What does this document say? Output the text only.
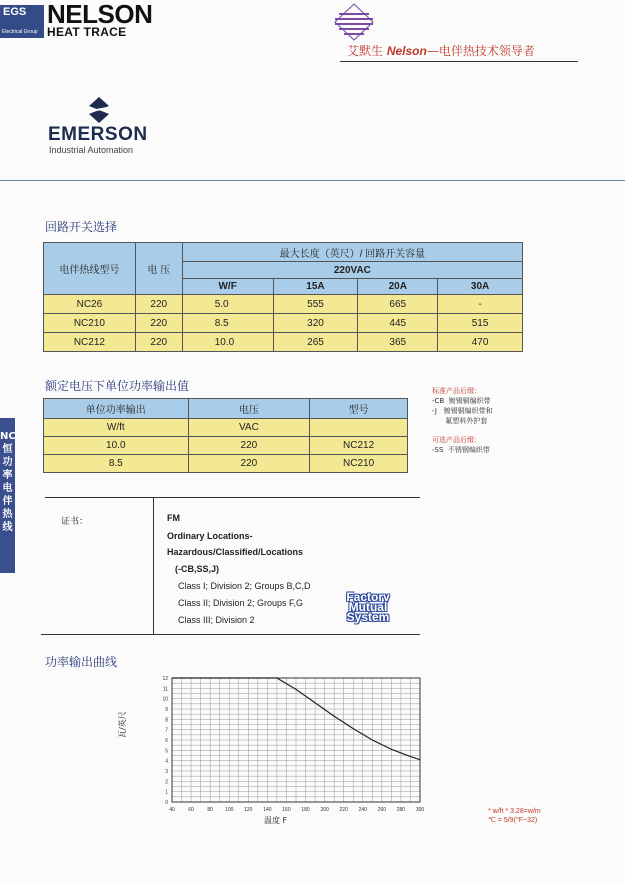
EGS
Electrical Group
NELSON
HEAT TRACE
艾默生 Nelson—电伴热技术领导者
EMERSON
Industrial Automation
回路开关选择
电伴热线型号	电 压	最大长度（英尺）/ 回路开关容量			
		220VAC			
		W/F	15A	20A	30A
NC26	220	5.0	555	665	-
NC210	220	8.5	320	445	515
NC212	220	10.0	265	365	470
NC
恒
功
率
电
伴
热
线
额定电压下单位功率输出值
单位功率输出	电压	型号
W/ft	VAC	
10.0	220	NC212
8.5	220	NC210
标准产品后缀：
-CB  镀锡铜编织带
-J   镀锡铜编织带和
氟塑料外护套
可选产品后缀：
-SS  不锈钢编织带
证书：	FM
Ordinary Locations-
Hazardous/Classified/Locations
(-CB,SS,J)
Class I; Division 2; Groups B,C,D
Class II; Division 2; Groups F,G
Class III; Division 2
Factory
Mutual
System
功率输出曲线
瓦/英尺
40	60	80 100 120 140 160 180 200 220 240 260 280 300
0
1
2
3
4
5
6
7
8
9
10
11
12
温度 F
* w/ft * 3.28=w/m
℃ = 5/9(°F−32)
